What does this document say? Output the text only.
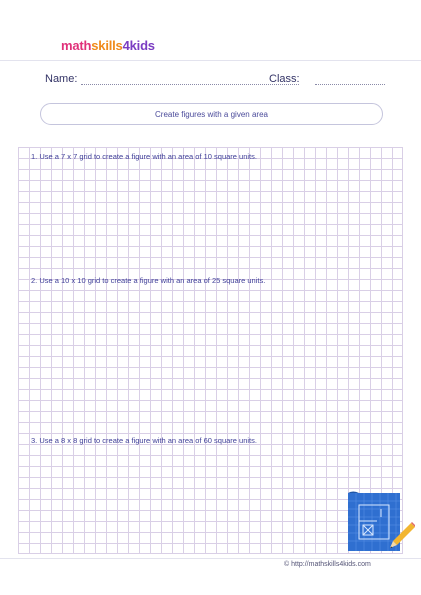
mathskills4kids
Name:	Class:
Create figures with a given area
1. Use a 7 x 7 grid to create a figure with an area of 10 square units.
2. Use a 10 x 10 grid to create a figure with an area of 25 square units.
3. Use a 8 x 8 grid to create a figure with an area of 60 square units.
© http://mathskills4kids.com
